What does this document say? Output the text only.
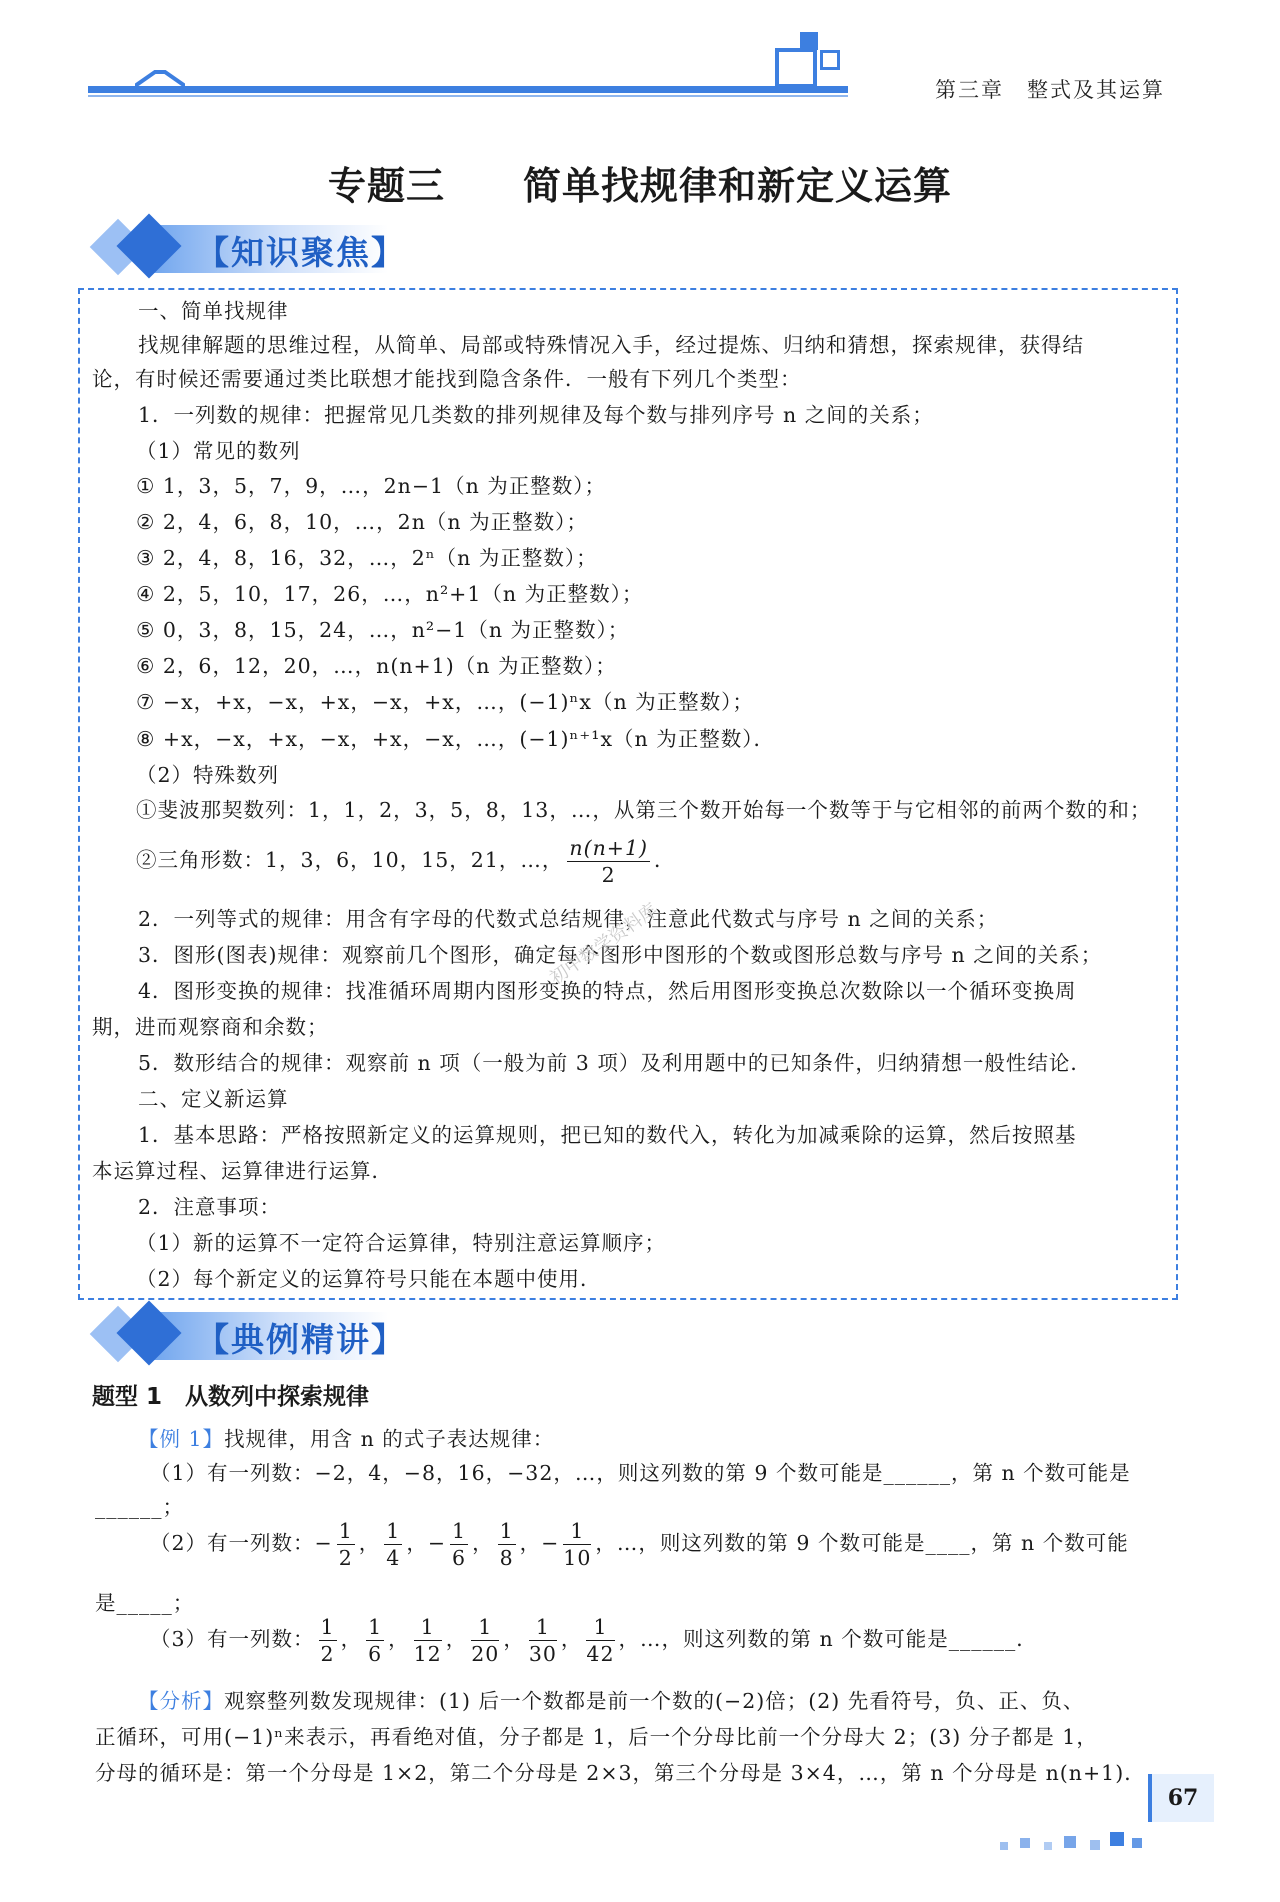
第三章　整式及其运算
专题三　　简单找规律和新定义运算
【知识聚焦】
一、简单找规律
找规律解题的思维过程，从简单、局部或特殊情况入手，经过提炼、归纳和猜想，探索规律，获得结
论，有时候还需要通过类比联想才能找到隐含条件．一般有下列几个类型：
1．一列数的规律：把握常见几类数的排列规律及每个数与排列序号 n 之间的关系；
（1）常见的数列
① 1，3，5，7，9，…，2n−1（n 为正整数）；
② 2，4，6，8，10，…，2n（n 为正整数）；
③ 2，4，8，16，32，…，2ⁿ（n 为正整数）；
④ 2，5，10，17，26，…，n²+1（n 为正整数）；
⑤ 0，3，8，15，24，…，n²−1（n 为正整数）；
⑥ 2，6，12，20，…，n(n+1)（n 为正整数）；
⑦ −x，+x，−x，+x，−x，+x，…，(−1)ⁿx（n 为正整数）；
⑧ +x，−x，+x，−x，+x，−x，…，(−1)ⁿ⁺¹x（n 为正整数）．
（2）特殊数列
①斐波那契数列：1，1，2，3，5，8，13，…，从第三个数开始每一个数等于与它相邻的前两个数的和；
②三角形数：1，3，6，10，15，21，…， $\frac{n(n+1)}{2}$ ．
2．一列等式的规律：用含有字母的代数式总结规律，注意此代数式与序号 n 之间的关系；
3．图形(图表)规律：观察前几个图形，确定每个图形中图形的个数或图形总数与序号 n 之间的关系；
4．图形变换的规律：找准循环周期内图形变换的特点，然后用图形变换总次数除以一个循环变换周
期，进而观察商和余数；
5．数形结合的规律：观察前 n 项（一般为前 3 项）及利用题中的已知条件，归纳猜想一般性结论．
二、定义新运算
1．基本思路：严格按照新定义的运算规则，把已知的数代入，转化为加减乘除的运算，然后按照基
本运算过程、运算律进行运算．
2．注意事项：
（1）新的运算不一定符合运算律，特别注意运算顺序；
（2）每个新定义的运算符号只能在本题中使用．
初中数学资料库
【典例精讲】
题型 1　从数列中探索规律
【例 1】找规律，用含 n 的式子表达规律：
（1）有一列数：−2，4，−8，16，−32，…，则这列数的第 9 个数可能是______，第 n 个数可能是
______；
（2）有一列数：− $\frac{1}{2}$ ， $\frac{1}{4}$ ，− $\frac{1}{6}$ ， $\frac{1}{8}$ ，− $\frac{1}{10}$ ，…，则这列数的第 9 个数可能是____，第 n 个数可能
是_____；
（3）有一列数： $\frac{1}{2}$ ， $\frac{1}{6}$ ， $\frac{1}{12}$ ， $\frac{1}{20}$ ， $\frac{1}{30}$ ， $\frac{1}{42}$ ，…，则这列数的第 n 个数可能是______．
【分析】观察整列数发现规律：(1) 后一个数都是前一个数的(−2)倍；(2) 先看符号，负、正、负、
正循环，可用(−1)ⁿ来表示，再看绝对值，分子都是 1，后一个分母比前一个分母大 2；(3) 分子都是 1，
分母的循环是：第一个分母是 1×2，第二个分母是 2×3，第三个分母是 3×4，…，第 n 个分母是 n(n+1)．
67
